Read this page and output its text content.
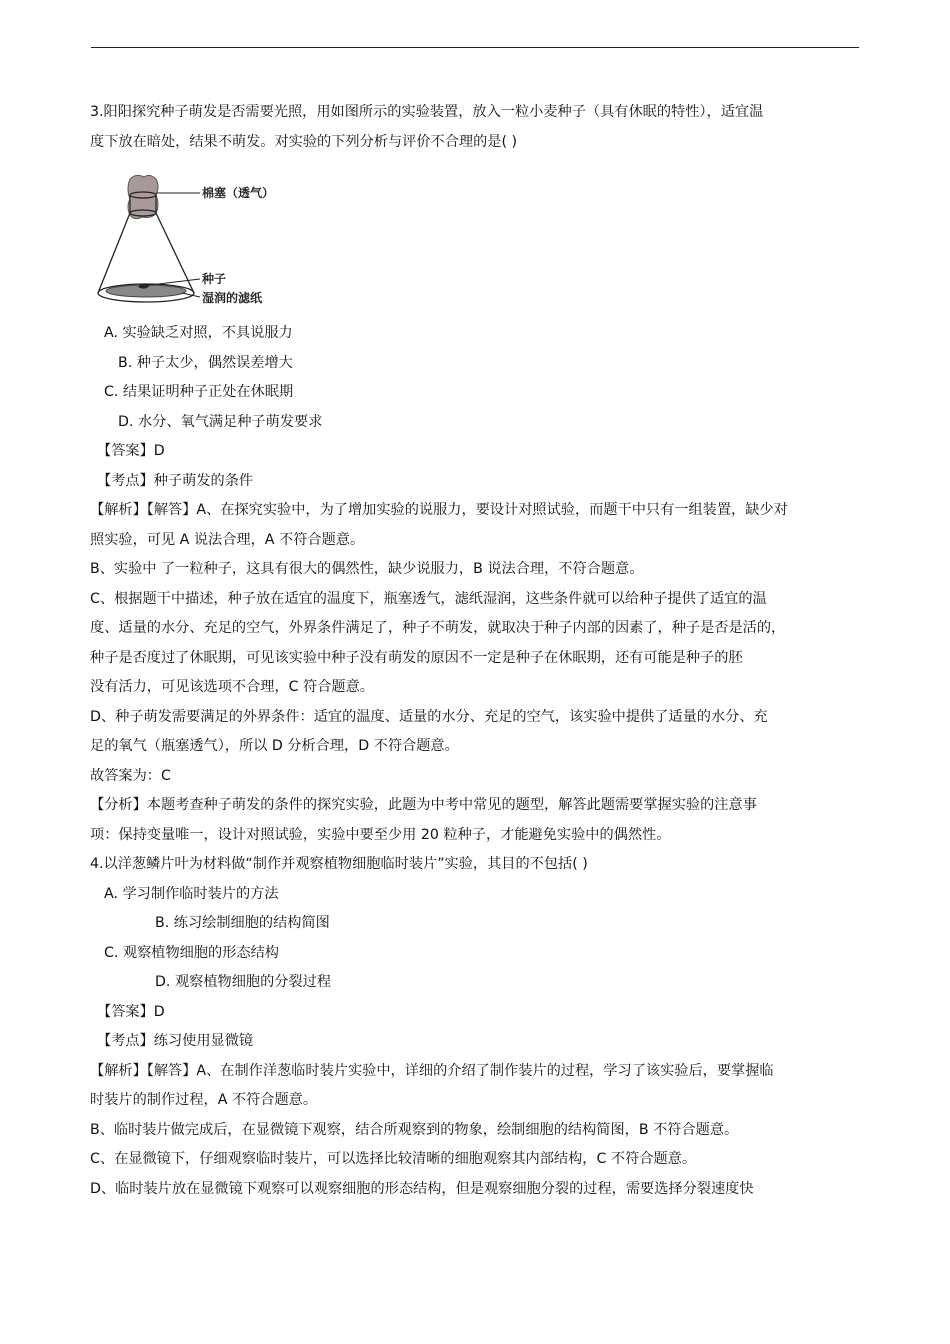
3.阳阳探究种子萌发是否需要光照，用如图所示的实验装置，放入一粒小麦种子（具有休眠的特性），适宜温

度下放在暗处，结果不萌发。对实验的下列分析与评价不合理的是( )

棉塞（透气）
种子
湿润的滤纸

A. 实验缺乏对照，不具说服力

B. 种子太少，偶然误差增大

C. 结果证明种子正处在休眠期

D. 水分、氧气满足种子萌发要求

【答案】D

【考点】种子萌发的条件

【解析】【解答】A、在探究实验中，为了增加实验的说服力，要设计对照试验，而题干中只有一组装置，缺少对

照实验，可见 A 说法合理，A 不符合题意。

B、实验中 了一粒种子，这具有很大的偶然性，缺少说服力，B 说法合理，不符合题意。

C、根据题干中描述，种子放在适宜的温度下，瓶塞透气，滤纸湿润，这些条件就可以给种子提供了适宜的温

度、适量的水分、充足的空气，外界条件满足了，种子不萌发，就取决于种子内部的因素了，种子是否是活的，

种子是否度过了休眠期，可见该实验中种子没有萌发的原因不一定是种子在休眠期，还有可能是种子的胚

没有活力，可见该选项不合理，C 符合题意。

D、种子萌发需要满足的外界条件：适宜的温度、适量的水分、充足的空气，该实验中提供了适量的水分、充

足的氧气（瓶塞透气），所以 D 分析合理，D 不符合题意。

故答案为：C

【分析】本题考查种子萌发的条件的探究实验，此题为中考中常见的题型，解答此题需要掌握实验的注意事

项：保持变量唯一，设计对照试验，实验中要至少用 20 粒种子，才能避免实验中的偶然性。

4.以洋葱鳞片叶为材料做“制作并观察植物细胞临时装片”实验，其目的不包括( )

A. 学习制作临时装片的方法

B. 练习绘制细胞的结构简图

C. 观察植物细胞的形态结构

D. 观察植物细胞的分裂过程

【答案】D

【考点】练习使用显微镜

【解析】【解答】A、在制作洋葱临时装片实验中，详细的介绍了制作装片的过程，学习了该实验后，要掌握临

时装片的制作过程，A 不符合题意。

B、临时装片做完成后，在显微镜下观察，结合所观察到的物象，绘制细胞的结构简图，B 不符合题意。

C、在显微镜下，仔细观察临时装片，可以选择比较清晰的细胞观察其内部结构，C 不符合题意。

D、临时装片放在显微镜下观察可以观察细胞的形态结构，但是观察细胞分裂的过程，需要选择分裂速度快
